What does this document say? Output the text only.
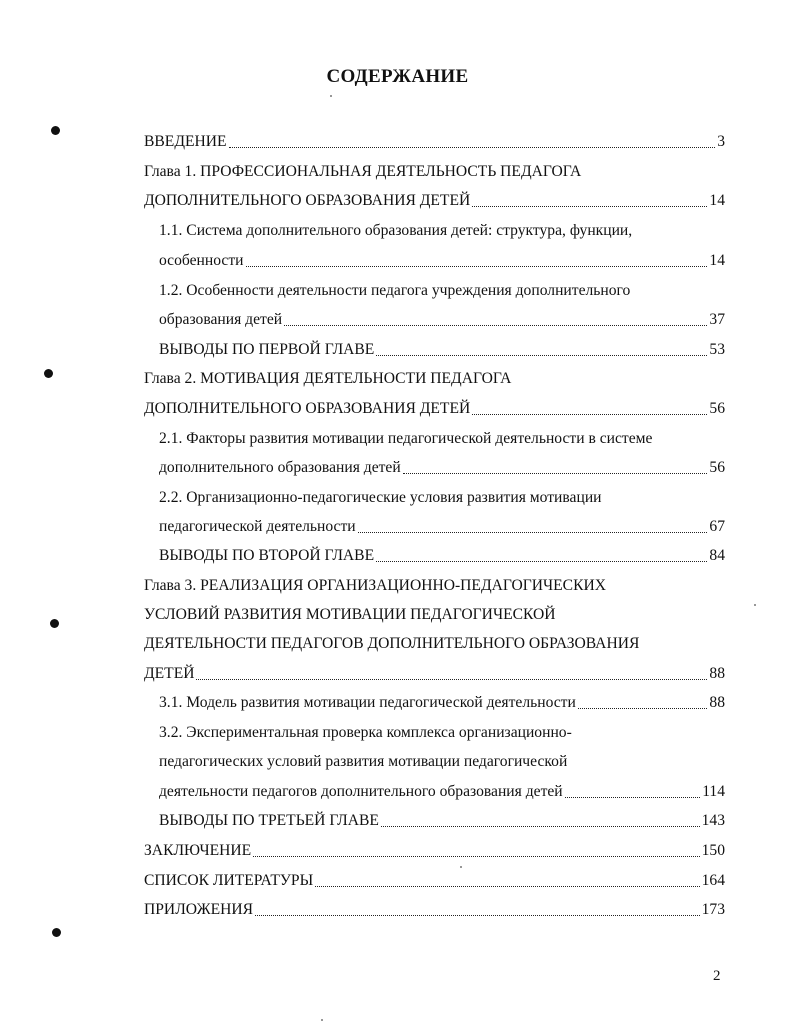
СОДЕРЖАНИЕ
ВВЕДЕНИЕ	3
Глава 1. ПРОФЕССИОНАЛЬНАЯ ДЕЯТЕЛЬНОСТЬ ПЕДАГОГА
ДОПОЛНИТЕЛЬНОГО ОБРАЗОВАНИЯ ДЕТЕЙ	14
1.1. Система дополнительного образования детей: структура, функции,
особенности	14
1.2. Особенности деятельности педагога учреждения дополнительного
образования детей	37
ВЫВОДЫ ПО ПЕРВОЙ ГЛАВЕ	53
Глава 2. МОТИВАЦИЯ ДЕЯТЕЛЬНОСТИ ПЕДАГОГА
ДОПОЛНИТЕЛЬНОГО ОБРАЗОВАНИЯ ДЕТЕЙ	56
2.1. Факторы развития мотивации педагогической деятельности в системе
дополнительного образования детей	56
2.2. Организационно-педагогические условия развития мотивации
педагогической деятельности	67
ВЫВОДЫ ПО ВТОРОЙ ГЛАВЕ	84
Глава 3. РЕАЛИЗАЦИЯ ОРГАНИЗАЦИОННО-ПЕДАГОГИЧЕСКИХ
УСЛОВИЙ РАЗВИТИЯ МОТИВАЦИИ ПЕДАГОГИЧЕСКОЙ
ДЕЯТЕЛЬНОСТИ ПЕДАГОГОВ ДОПОЛНИТЕЛЬНОГО ОБРАЗОВАНИЯ
ДЕТЕЙ	88
3.1. Модель развития мотивации педагогической деятельности	88
3.2. Экспериментальная проверка комплекса организационно-
педагогических условий развития мотивации педагогической
деятельности педагогов дополнительного образования детей	114
ВЫВОДЫ ПО ТРЕТЬЕЙ ГЛАВЕ	143
ЗАКЛЮЧЕНИЕ	150
СПИСОК ЛИТЕРАТУРЫ	164
ПРИЛОЖЕНИЯ	173
2
